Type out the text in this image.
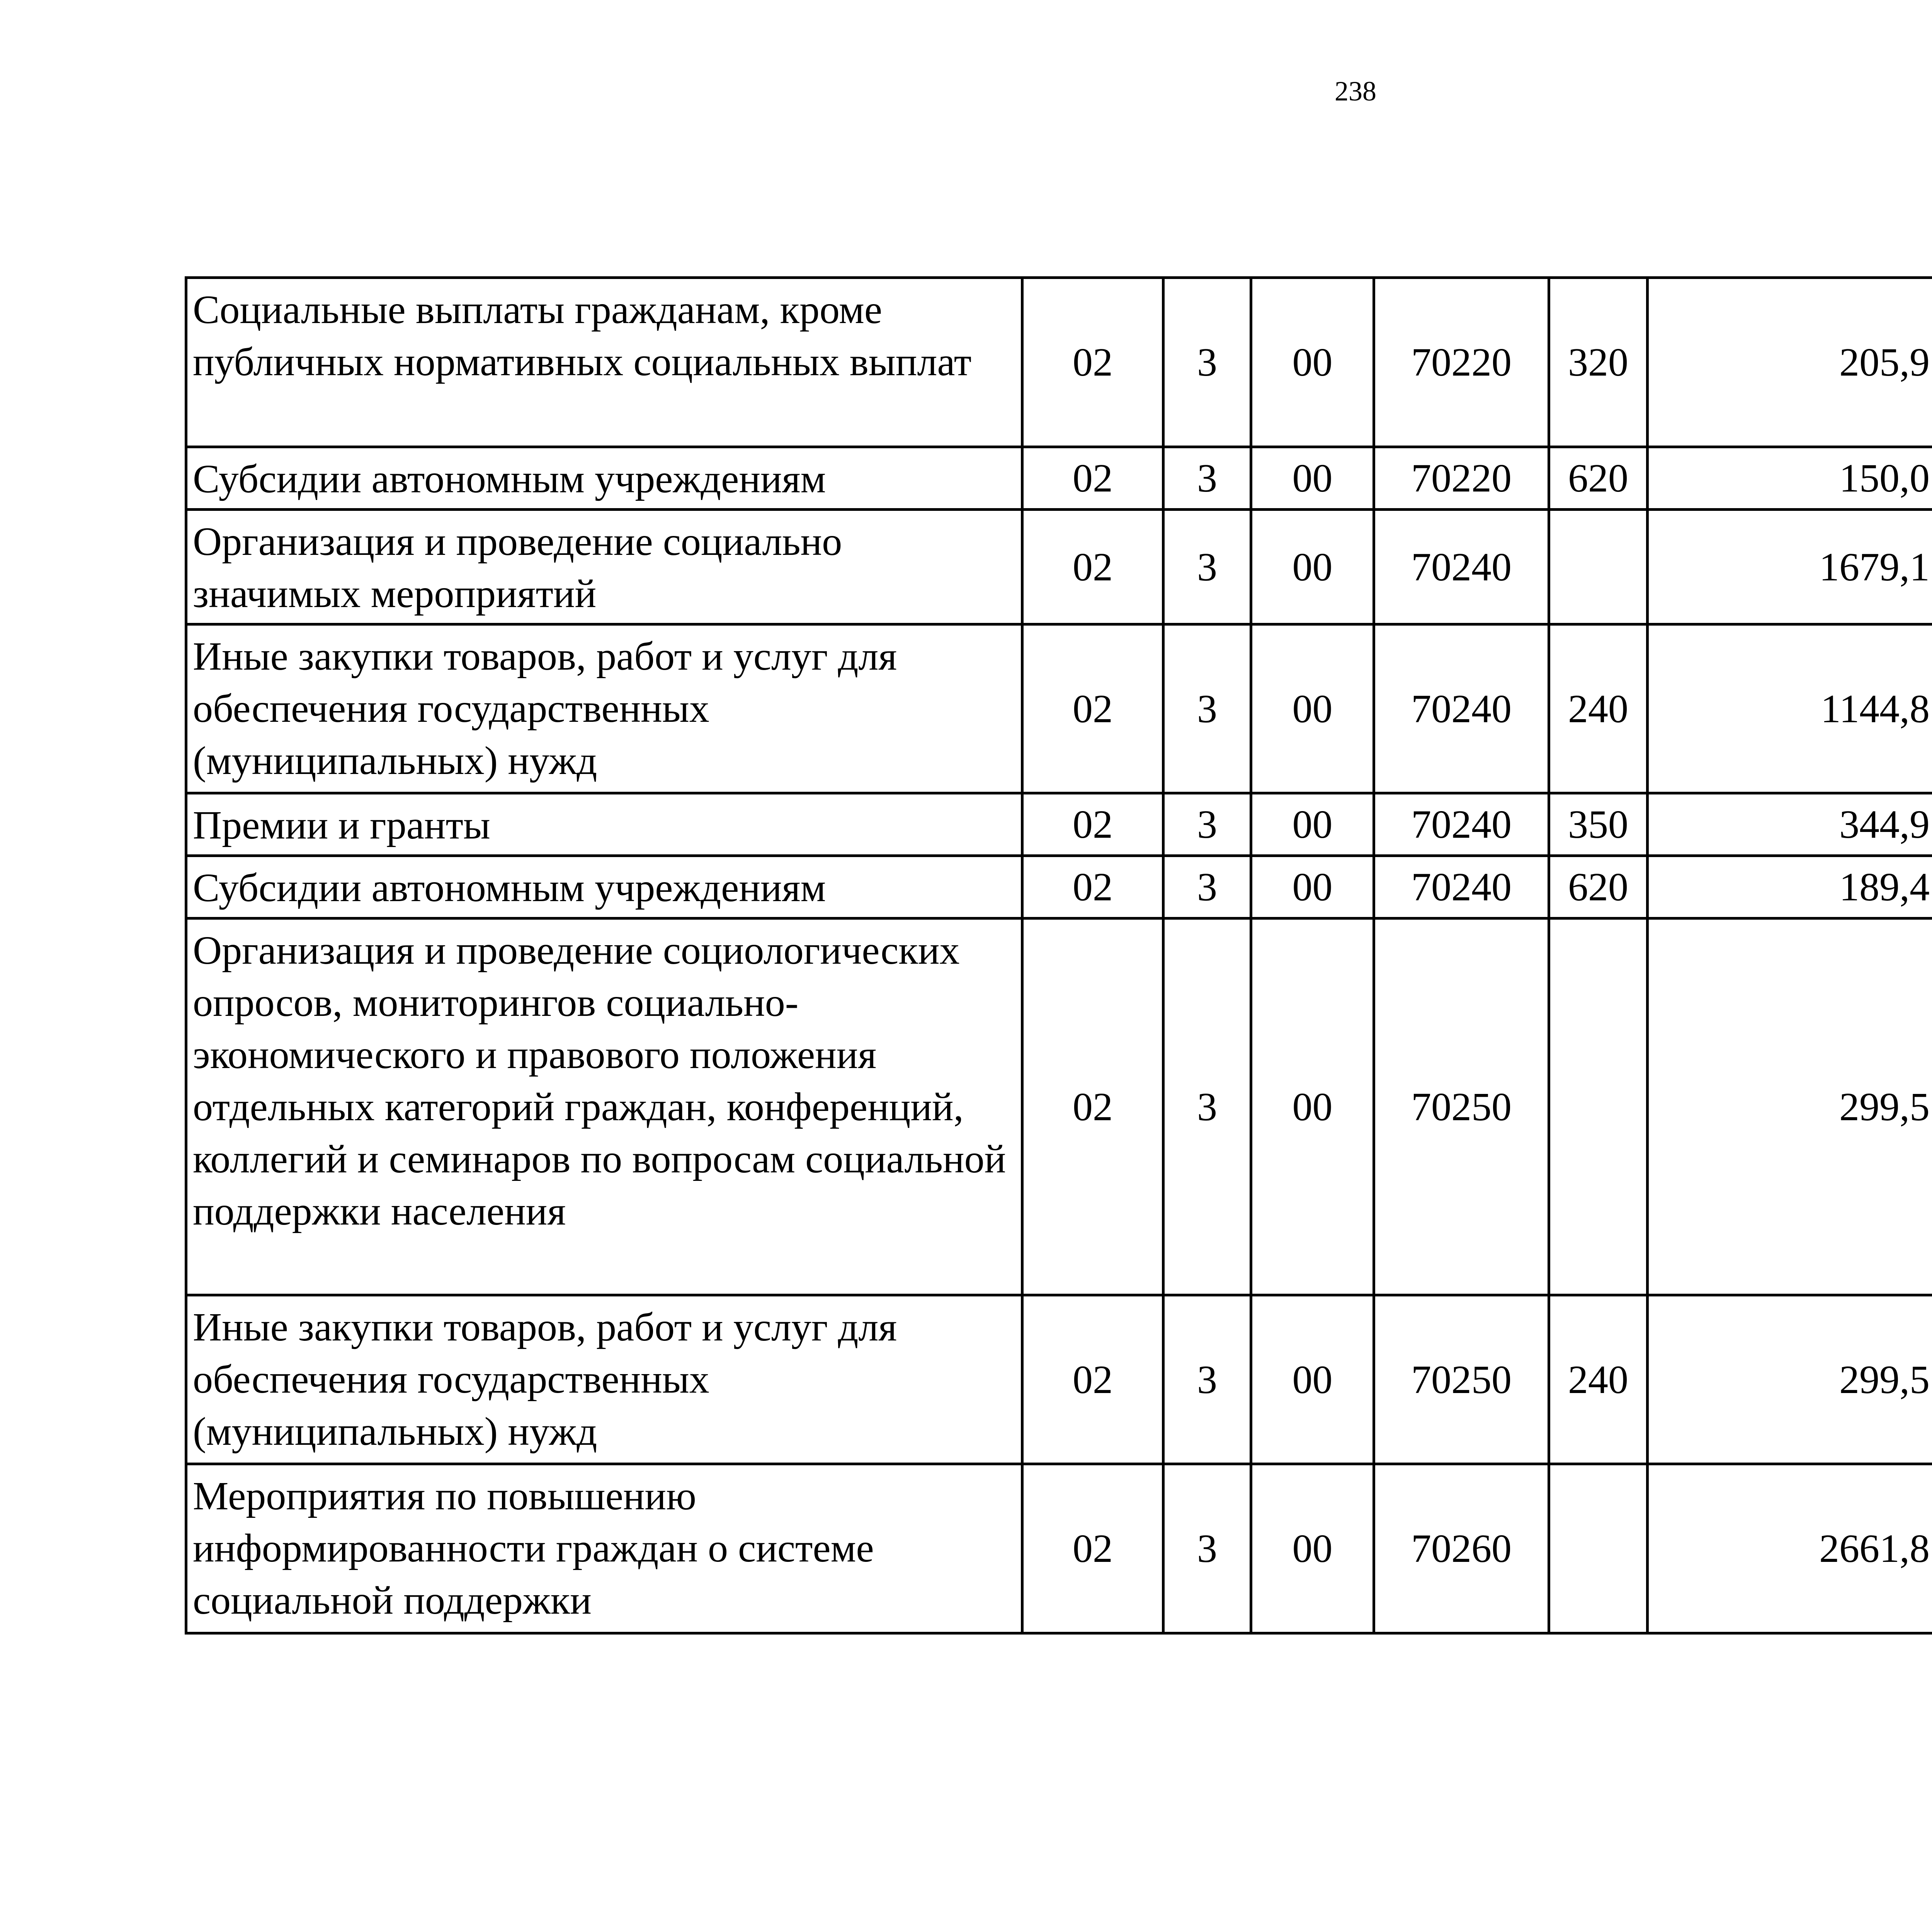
238
Социальные выплаты гражданам, кроме публичных нормативных социальных выплат	02	3	00	70220	320	205,9		
Субсидии автономным учреждениям	02	3	00	70220	620	150,0		
Организация и проведение социально значимых мероприятий	02	3	00	70240		1679,1		
Иные закупки товаров, работ и услуг для обеспечения государственных (муниципальных) нужд	02	3	00	70240	240	1144,8		
Премии и гранты	02	3	00	70240	350	344,9		
Субсидии автономным учреждениям	02	3	00	70240	620	189,4		
Организация и проведение социологических опросов, мониторингов социально-экономического и правового положения отдельных категорий граждан, конференций, коллегий и семинаров по вопросам социальной поддержки населения	02	3	00	70250		299,5		
Иные закупки товаров, работ и услуг для обеспечения государственных (муниципальных) нужд	02	3	00	70250	240	299,5		
Мероприятия по повышению информированности граждан о системе социальной поддержки	02	3	00	70260		2661,8		
